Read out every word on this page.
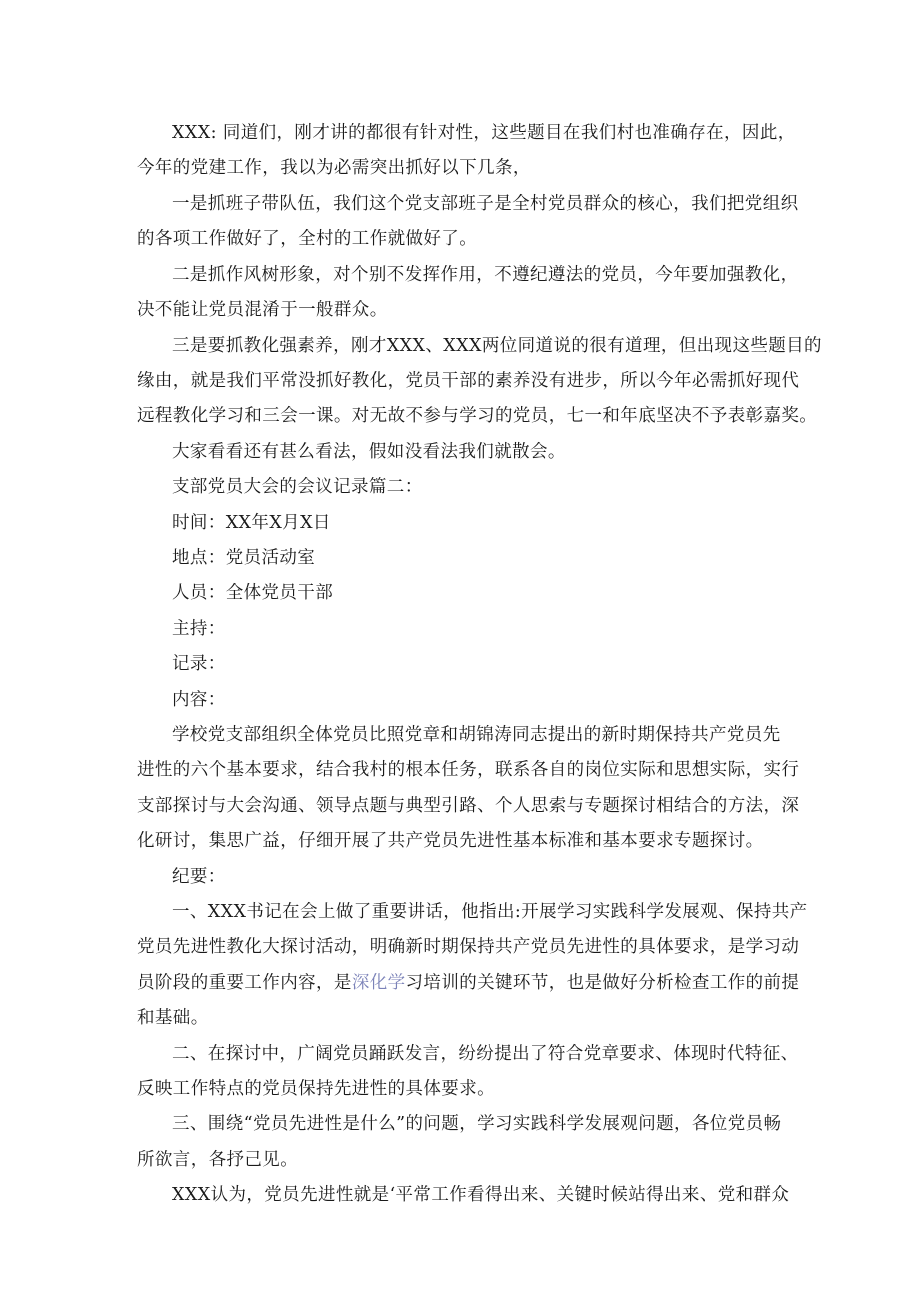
XXX: 同道们，刚才讲的都很有针对性，这些题目在我们村也准确存在，因此，
今年的党建工作，我以为必需突出抓好以下几条，
一是抓班子带队伍，我们这个党支部班子是全村党员群众的核心，我们把党组织
的各项工作做好了，全村的工作就做好了。
二是抓作风树形象，对个别不发挥作用，不遵纪遵法的党员，今年要加强教化，
决不能让党员混淆于一般群众。
三是要抓教化强素养，刚才XXX、XXX两位同道说的很有道理，但出现这些题目的
缘由，就是我们平常没抓好教化，党员干部的素养没有进步，所以今年必需抓好现代
远程教化学习和三会一课。对无故不参与学习的党员，七一和年底坚决不予表彰嘉奖。
大家看看还有甚么看法，假如没看法我们就散会。
支部党员大会的会议记录篇二：
时间：XX年X月X日
地点：党员活动室
人员：全体党员干部
主持：
记录：
内容：
学校党支部组织全体党员比照党章和胡锦涛同志提出的新时期保持共产党员先
进性的六个基本要求，结合我村的根本任务，联系各自的岗位实际和思想实际，实行
支部探讨与大会沟通、领导点题与典型引路、个人思索与专题探讨相结合的方法，深
化研讨，集思广益，仔细开展了共产党员先进性基本标准和基本要求专题探讨。
纪要：
一、XXX书记在会上做了重要讲话，他指出:开展学习实践科学发展观、保持共产
党员先进性教化大探讨活动，明确新时期保持共产党员先进性的具体要求，是学习动
员阶段的重要工作内容，是深化学习培训的关键环节，也是做好分析检查工作的前提
和基础。
二、在探讨中，广阔党员踊跃发言，纷纷提出了符合党章要求、体现时代特征、
反映工作特点的党员保持先进性的具体要求。
三、围绕“党员先进性是什么”的问题，学习实践科学发展观问题，各位党员畅
所欲言，各抒己见。
XXX认为，党员先进性就是‘平常工作看得出来、关键时候站得出来、党和群众
